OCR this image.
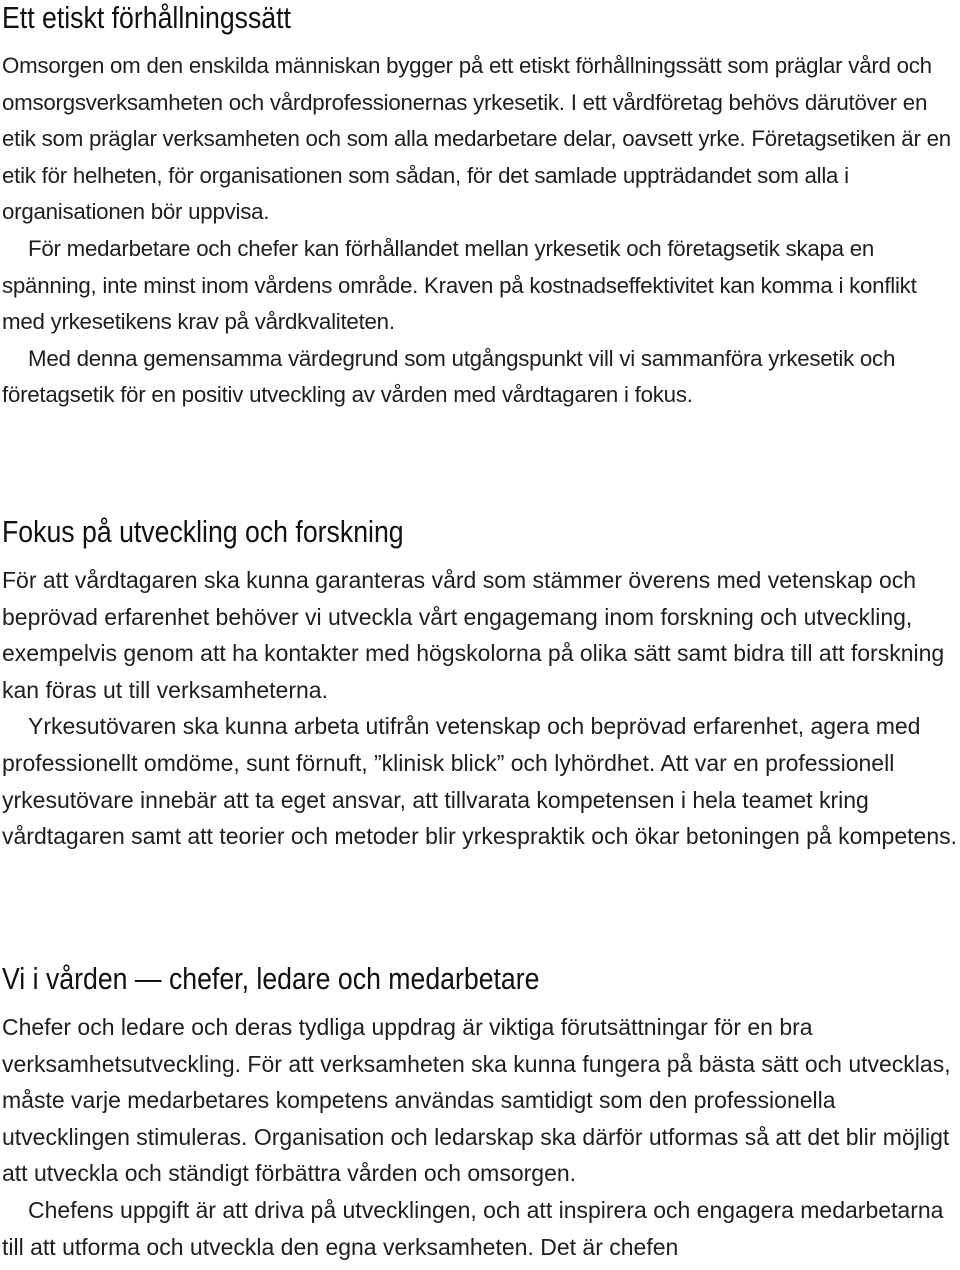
Ett etiskt förhållningssätt

Omsorgen om den enskilda människan bygger på ett etiskt förhållningssätt som präglar vård och omsorgsverksamheten och vårdprofessionernas yrkesetik. I ett vårdföretag behövs därutöver en etik som präglar verksamheten och som alla medarbetare delar, oavsett yrke. Företagsetiken är en etik för helheten, för organisationen som sådan, för det samlade uppträdandet som alla i organisationen bör uppvisa.

För medarbetare och chefer kan förhållandet mellan yrkesetik och företagsetik skapa en spänning, inte minst inom vårdens område. Kraven på kostnadseffektivitet kan komma i konflikt med yrkesetikens krav på vårdkvaliteten.

Med denna gemensamma värdegrund som utgångspunkt vill vi sammanföra yrkesetik och företagsetik för en positiv utveckling av vården med vårdtagaren i fokus.

Fokus på utveckling och forskning

För att vårdtagaren ska kunna garanteras vård som stämmer överens med vetenskap och beprövad erfarenhet behöver vi utveckla vårt engagemang inom forskning och utveckling, exempelvis genom att ha kontakter med högskolorna på olika sätt samt bidra till att forskning kan föras ut till verksamheterna.

Yrkesutövaren ska kunna arbeta utifrån vetenskap och beprövad erfarenhet, agera med professionellt omdöme, sunt förnuft, ”klinisk blick” och lyhördhet. Att var en professionell yrkesutövare innebär att ta eget ansvar, att tillvarata kompetensen i hela teamet kring vårdtagaren samt att teorier och metoder blir yrkespraktik och ökar betoningen på kompetens.

Vi i vården — chefer, ledare och medarbetare

Chefer och ledare och deras tydliga uppdrag är viktiga förutsättningar för en bra verksamhetsutveckling. För att verksamheten ska kunna fungera på bästa sätt och utvecklas, måste varje medarbetares kompetens användas samtidigt som den professionella utvecklingen stimuleras. Organisation och ledarskap ska därför utformas så att det blir möjligt att utveckla och ständigt förbättra vården och omsorgen.

Chefens uppgift är att driva på utvecklingen, och att inspirera och engagera medarbetarna till att utforma och utveckla den egna verksamheten. Det är chefen
